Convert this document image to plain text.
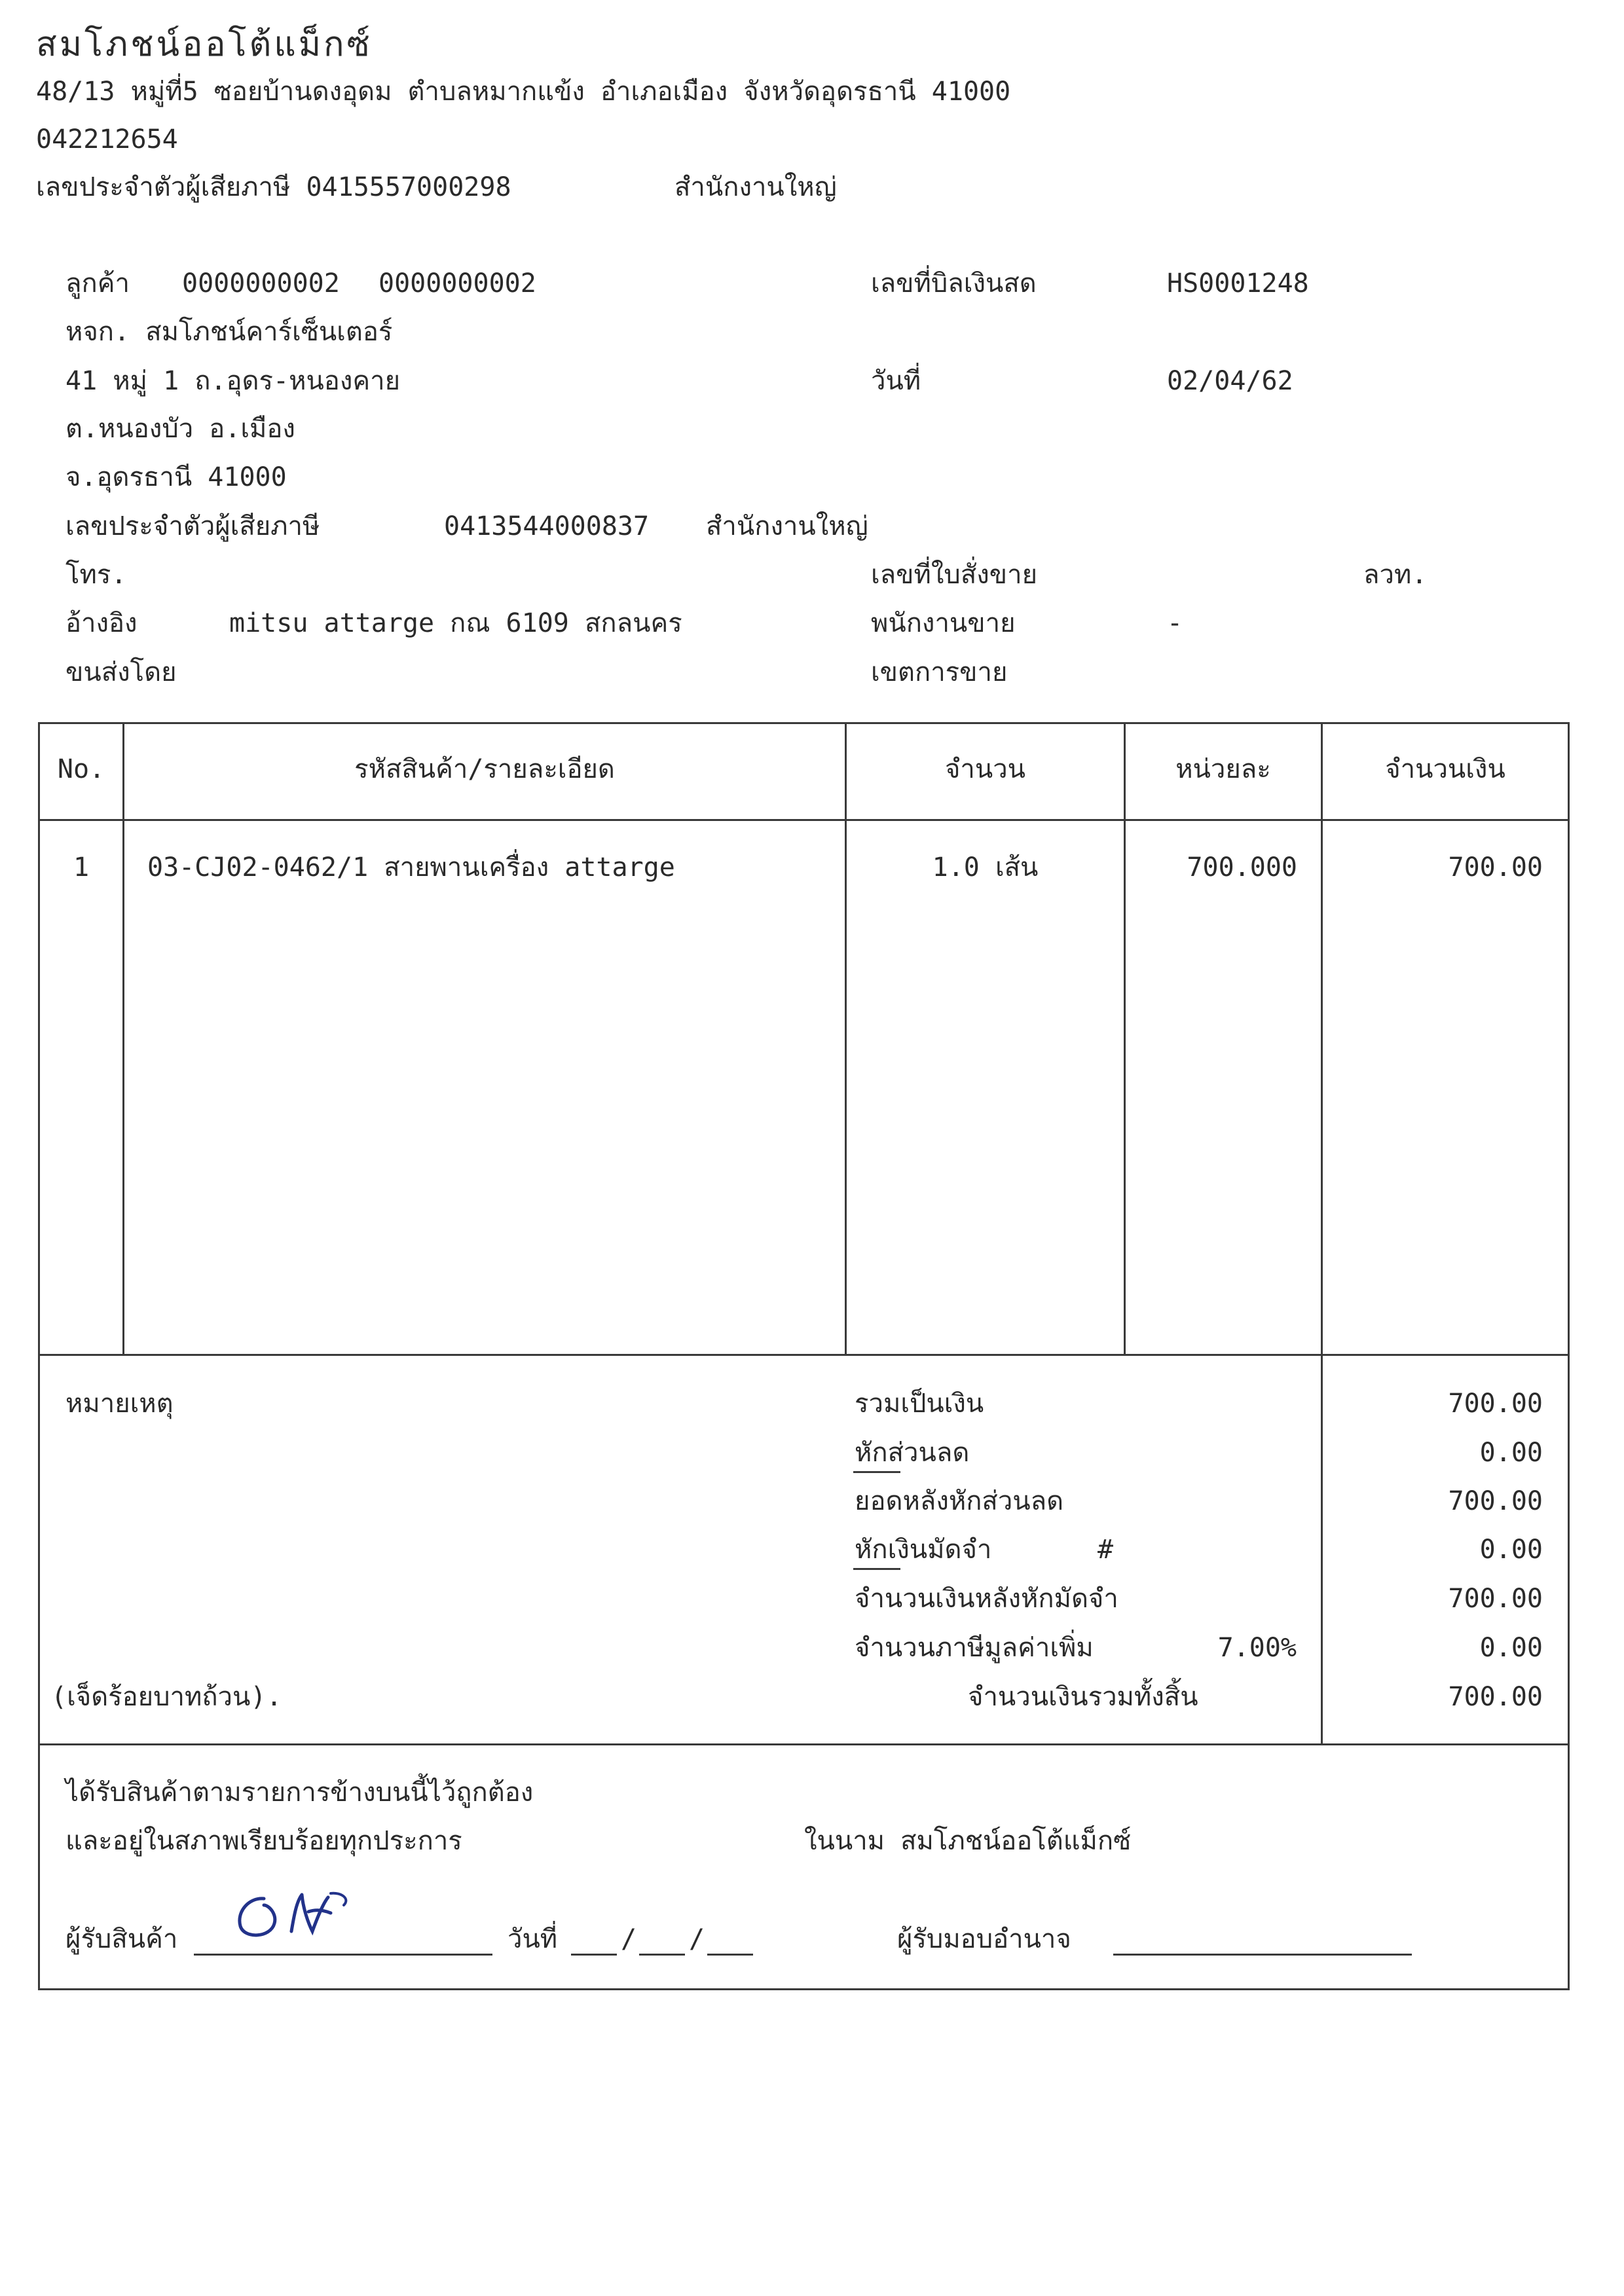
สมโภชน์ออโต้แม็กซ์
48/13 หมู่ที่5 ซอยบ้านดงอุดม ตำบลหมากแข้ง อำเภอเมือง จังหวัดอุดรธานี 41000
042212654
เลขประจำตัวผู้เสียภาษี 0415557000298	สำนักงานใหญ่
ลูกค้า 0000000002 0000000002
หจก. สมโภชน์คาร์เซ็นเตอร์
41 หมู่ 1 ถ.อุดร-หนองคาย
ต.หนองบัว อ.เมือง
จ.อุดรธานี 41000
เลขประจำตัวผู้เสียภาษี	0413544000837 สำนักงานใหญ่
โทร.
อ้างอิง	mitsu attarge กณ 6109 สกลนคร
ขนส่งโดย
เลขที่บิลเงินสด	HS0001248
วันที่	02/04/62
เลขที่ใบสั่งขาย	ลวท.
พนักงานขาย	-
เขตการขาย
No.	รหัสสินค้า/รายละเอียด	จำนวน	หน่วยละ	จำนวนเงิน
1	03-CJ02-0462/1 สายพานเครื่อง attarge	1.0 เส้น	700.000	700.00
หมายเหตุ
(เจ็ดร้อยบาทถ้วน).
รวมเป็นเงิน	700.00
หักส่วนลด	0.00
ยอดหลังหักส่วนลด	700.00
หักเงินมัดจำ	#	0.00
จำนวนเงินหลังหักมัดจำ	700.00
จำนวนภาษีมูลค่าเพิ่ม	7.00%	0.00
จำนวนเงินรวมทั้งสิ้น	700.00
ได้รับสินค้าตามรายการข้างบนนี้ไว้ถูกต้อง
และอยู่ในสภาพเรียบร้อยทุกประการ	ในนาม สมโภชน์ออโต้แม็กซ์
ผู้รับสินค้า	วันที่ / /	ผู้รับมอบอำนาจ
